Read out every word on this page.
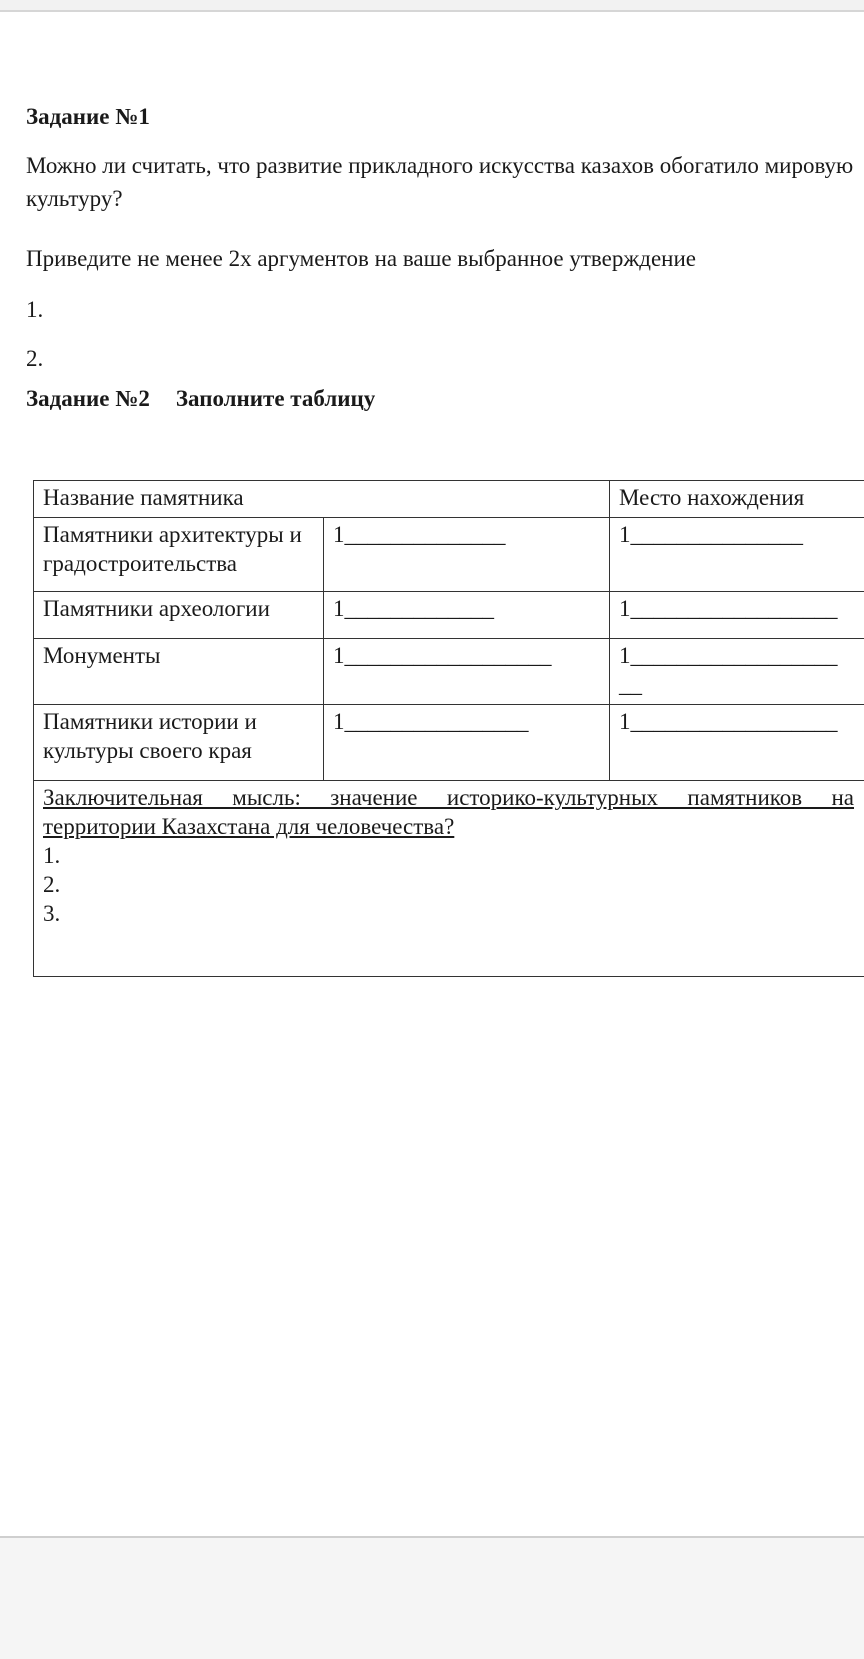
Задание №1

Можно ли считать, что развитие прикладного искусства казахов обогатило мировую культуру?

Приведите не менее 2х аргументов на ваше выбранное утверждение

1.

2.

Задание №2 Заполните таблицу

Название памятника		Место нахождения
Памятники архитектуры и градостроительства	1______________	1_______________
Памятники археологии	1_____________	1__________________
Монументы	1__________________	1__________________
__

Памятники истории и культуры своего края	1________________	1__________________

Заключительная мысль: значение историко-культурных памятников на
территории Казахстана для человечества?
1.
2.
3.		
